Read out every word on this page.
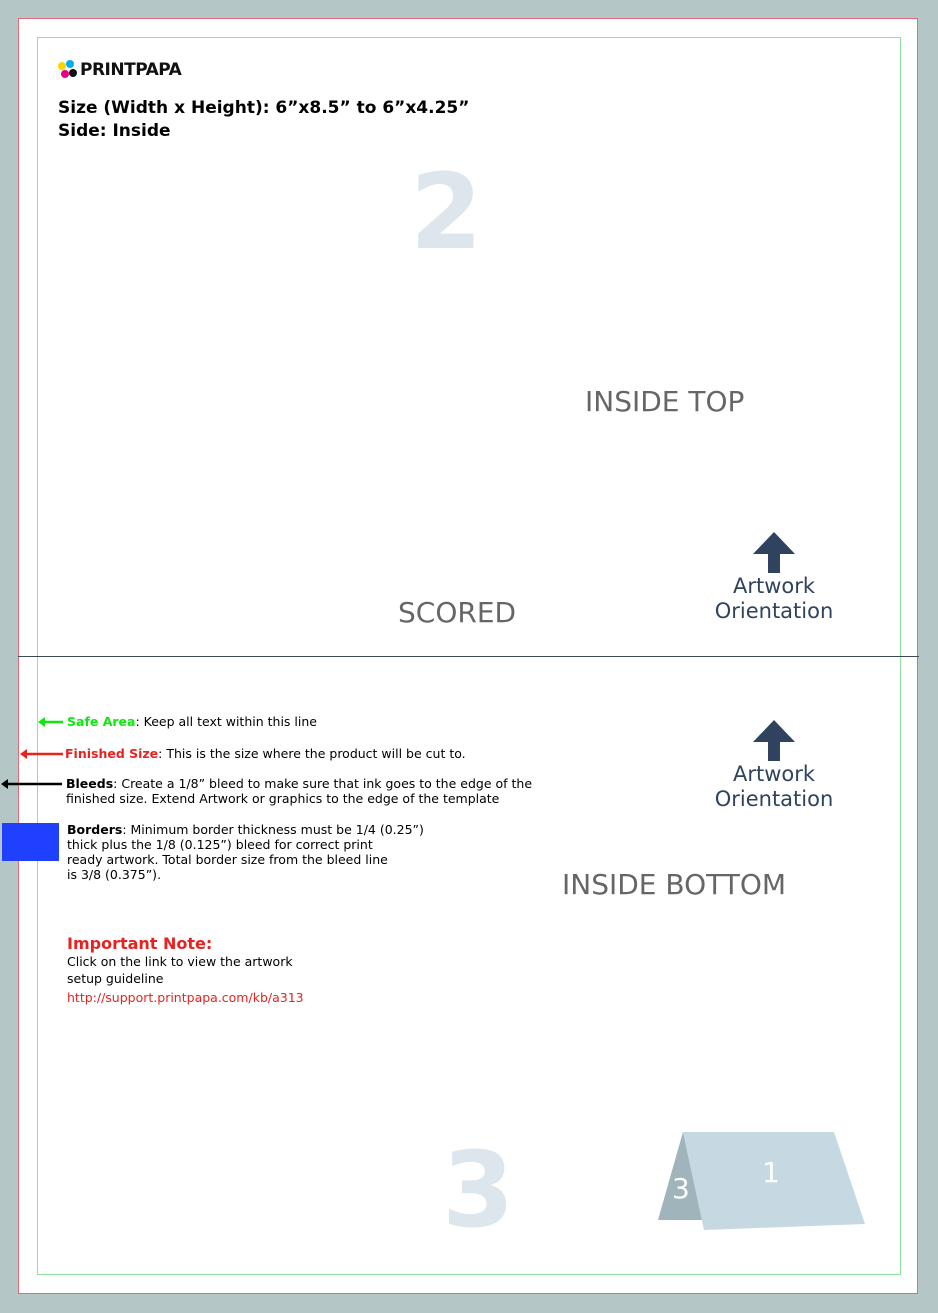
PRINTPAPA
Size (Width x Height): 6”x8.5” to 6”x4.25”
Side: Inside
2
INSIDE TOP
SCORED
Artwork
Orientation
Safe Area: Keep all text within this line
Finished Size: This is the size where the product will be cut to.
Bleeds: Create a 1/8” bleed to make sure that ink goes to the edge of the
finished size. Extend Artwork or graphics to the edge of the template
Borders: Minimum border thickness must be 1/4 (0.25”)
thick plus the 1/8 (0.125”) bleed for correct print
ready artwork. Total border size from the bleed line
is 3/8 (0.375”).
Important Note:
Click on the link to view the artwork
setup guideline
http://support.printpapa.com/kb/a313
Artwork
Orientation
INSIDE BOTTOM
3	3	1
